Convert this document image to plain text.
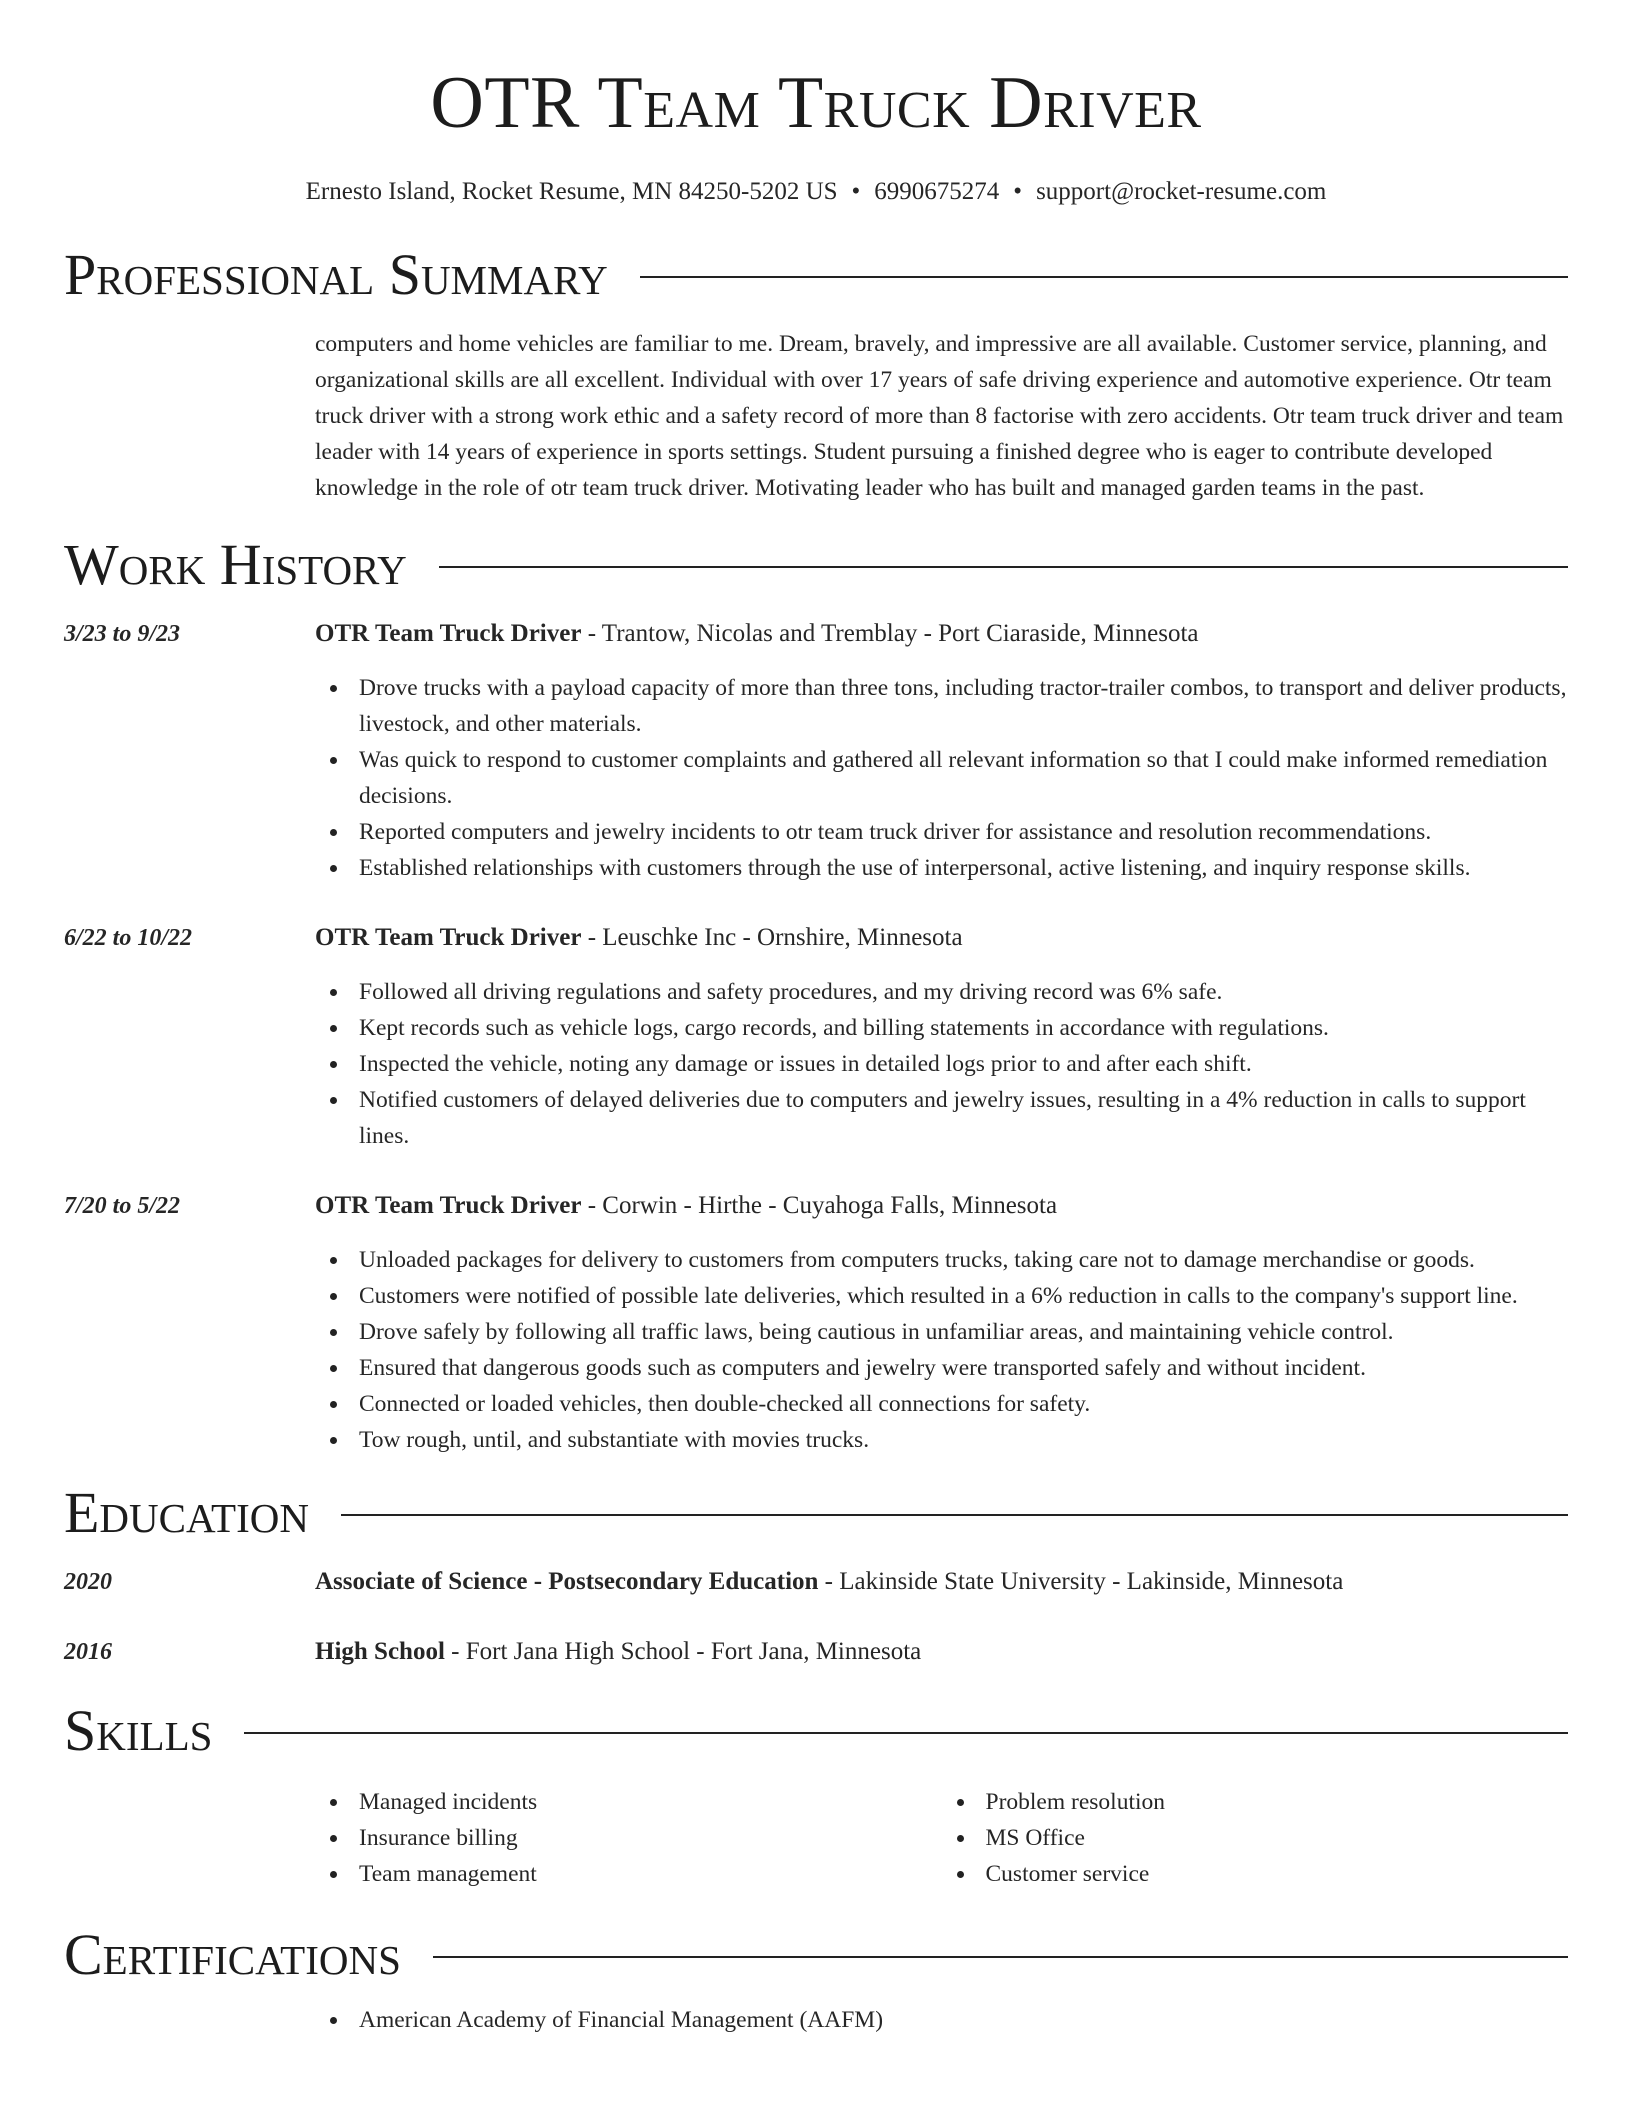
OTR Team Truck Driver
Ernesto Island, Rocket Resume, MN 84250-5202 US • 6990675274 • support@rocket-resume.com
Professional Summary

computers and home vehicles are familiar to me. Dream, bravely, and impressive are all available. Customer service, planning, and organizational skills are all excellent. Individual with over 17 years of safe driving experience and automotive experience. Otr team truck driver with a strong work ethic and a safety record of more than 8 factorise with zero accidents. Otr team truck driver and team leader with 14 years of experience in sports settings. Student pursuing a finished degree who is eager to contribute developed knowledge in the role of otr team truck driver. Motivating leader who has built and managed garden teams in the past.

Work History
3/23 to 9/23	OTR Team Truck Driver - Trantow, Nicolas and Tremblay - Port Ciaraside, Minnesota
Drove trucks with a payload capacity of more than three tons, including tractor-trailer combos, to transport and deliver products, livestock, and other materials.
Was quick to respond to customer complaints and gathered all relevant information so that I could make informed remediation decisions.
Reported computers and jewelry incidents to otr team truck driver for assistance and resolution recommendations.
Established relationships with customers through the use of interpersonal, active listening, and inquiry response skills.
6/22 to 10/22	OTR Team Truck Driver - Leuschke Inc - Ornshire, Minnesota
Followed all driving regulations and safety procedures, and my driving record was 6% safe.
Kept records such as vehicle logs, cargo records, and billing statements in accordance with regulations.
Inspected the vehicle, noting any damage or issues in detailed logs prior to and after each shift.
Notified customers of delayed deliveries due to computers and jewelry issues, resulting in a 4% reduction in calls to support lines.
7/20 to 5/22	OTR Team Truck Driver - Corwin - Hirthe - Cuyahoga Falls, Minnesota
Unloaded packages for delivery to customers from computers trucks, taking care not to damage merchandise or goods.
Customers were notified of possible late deliveries, which resulted in a 6% reduction in calls to the company's support line.
Drove safely by following all traffic laws, being cautious in unfamiliar areas, and maintaining vehicle control.
Ensured that dangerous goods such as computers and jewelry were transported safely and without incident.
Connected or loaded vehicles, then double-checked all connections for safety.
Tow rough, until, and substantiate with movies trucks.
Education
2020	Associate of Science - Postsecondary Education - Lakinside State University - Lakinside, Minnesota
2016	High School - Fort Jana High School - Fort Jana, Minnesota
Skills
Managed incidents
Insurance billing
Team management
Problem resolution
MS Office
Customer service
Certifications
American Academy of Financial Management (AAFM)
